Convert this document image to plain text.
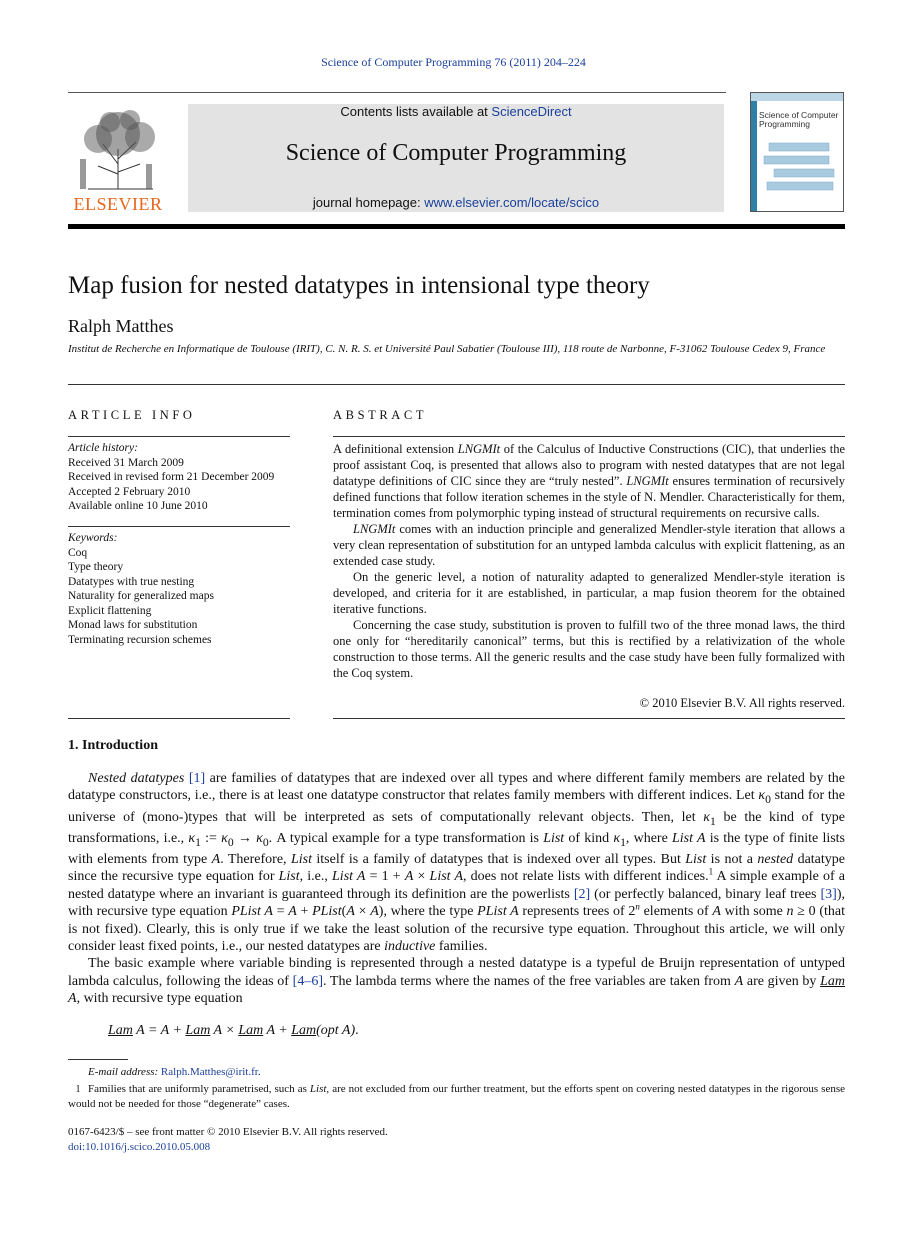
Science of Computer Programming 76 (2011) 204–224
ELSEVIER
Contents lists available at ScienceDirect
Science of Computer Programming
journal homepage: www.elsevier.com/locate/scico
Science of Computer Programming
Map fusion for nested datatypes in intensional type theory
Ralph Matthes
Institut de Recherche en Informatique de Toulouse (IRIT), C. N. R. S. et Université Paul Sabatier (Toulouse III), 118 route de Narbonne, F-31062 Toulouse Cedex 9, France
ARTICLE INFO	ABSTRACT
Article history:
Received 31 March 2009
Received in revised form 21 December 2009
Accepted 2 February 2010
Available online 10 June 2010
Keywords:
Coq
Type theory
Datatypes with true nesting
Naturality for generalized maps
Explicit flattening
Monad laws for substitution
Terminating recursion schemes

A definitional extension LNGMIt of the Calculus of Inductive Constructions (CIC), that underlies the proof assistant Coq, is presented that allows also to program with nested datatypes that are not legal datatype definitions of CIC since they are “truly nested”. LNGMIt ensures termination of recursively defined functions that follow iteration schemes in the style of N. Mendler. Characteristically for them, termination comes from polymorphic typing instead of structural requirements on recursive calls.

LNGMIt comes with an induction principle and generalized Mendler-style iteration that allows a very clean representation of substitution for an untyped lambda calculus with explicit flattening, as an extended case study.

On the generic level, a notion of naturality adapted to generalized Mendler-style iteration is developed, and criteria for it are established, in particular, a map fusion theorem for the obtained iterative functions.

Concerning the case study, substitution is proven to fulfill two of the three monad laws, the third one only for “hereditarily canonical” terms, but this is rectified by a relativization of the whole construction to those terms. All the generic results and the case study have been fully formalized with the Coq system.

© 2010 Elsevier B.V. All rights reserved.
1. Introduction

Nested datatypes [1] are families of datatypes that are indexed over all types and where different family members are related by the datatype constructors, i.e., there is at least one datatype constructor that relates family members with different indices. Let $\kappa_0$ stand for the universe of (mono-)types that will be interpreted as sets of computationally relevant objects. Then, let $\kappa_1$ be the kind of type transformations, i.e., $\kappa_1$ := $\kappa_0 \to \kappa_0$. A typical example for a type transformation is List of kind $\kappa_1$, where List A is the type of finite lists with elements from type A. Therefore, List itself is a family of datatypes that is indexed over all types. But List is not a nested datatype since the recursive type equation for List, i.e., List A = 1 + A × List A, does not relate lists with different indices.$^1$ A simple example of a nested datatype where an invariant is guaranteed through its definition are the powerlists [2] (or perfectly balanced, binary leaf trees [3]), with recursive type equation PList A = A + PList(A × A), where the type PList A represents trees of 2$^n$ elements of A with some n ≥ 0 (that is not fixed). Clearly, this is only true if we take the least solution of the recursive type equation. Throughout this article, we will only consider least fixed points, i.e., our nested datatypes are inductive families.

The basic example where variable binding is represented through a nested datatype is a typeful de Bruijn representation of untyped lambda calculus, following the ideas of [4–6]. The lambda terms where the names of the free variables are taken from A are given by Lam A, with recursive type equation

Lam A = A + Lam A × Lam A + Lam(opt A).
E-mail address: Ralph.Matthes@irit.fr.
1 Families that are uniformly parametrised, such as List, are not excluded from our further treatment, but the efforts spent on covering nested datatypes in the rigorous sense would not be needed for those “degenerate” cases.
0167-6423/$ – see front matter © 2010 Elsevier B.V. All rights reserved.
doi:10.1016/j.scico.2010.05.008
